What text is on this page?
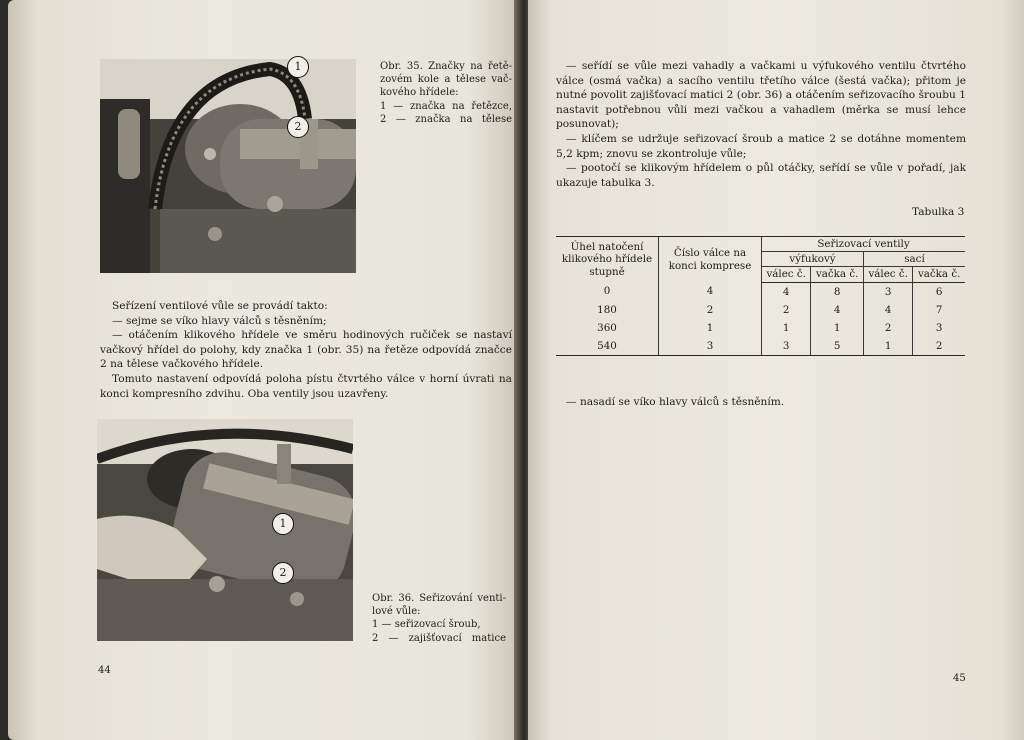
1
2
Obr. 35. Značky na řetě-
zovém kole a tělese vač-
kového hřídele:
1 — značka na řetězce,
2 — značka na tělese

Seřízení ventilové vůle se provádí takto:

— sejme se víko hlavy válců s těsněním;

— otáčením klikového hřídele ve směru hodinových ručiček se nastaví vačkový hřídel do polohy, kdy značka 1 (obr. 35) na řetěze odpovídá značce 2 na tělese vačkového hřídele.

Tomuto nastavení odpovídá poloha pístu čtvrtého válce v horní úvrati na konci kompresního zdvihu. Oba ventily jsou uzavřeny.

1
2
Obr. 36. Seřizování venti-
lové vůle:
1 — seřizovací šroub,
2 — zajišťovací matice
44

— seřídí se vůle mezi vahadly a vačkami u výfukového ventilu čtvrtého válce (osmá vačka) a sacího ventilu třetího válce (šestá vačka); přitom je nutné povolit zajišťovací matici 2 (obr. 36) a otáčením seřizovacího šroubu 1 nastavit potřebnou vůli mezi vačkou a vahadlem (měrka se musí lehce posunovat);

— klíčem se udržuje seřizovací šroub a matice 2 se dotáhne momentem 5,2 kpm; znovu se zkontroluje vůle;

— pootočí se klikovým hřídelem o půl otáčky, seřídí se vůle v pořadí, jak ukazuje tabulka 3.

Tabulka 3
Úhel natočení klikového hřídele stupně	Číslo válce na konci komprese	Seřizovací ventily			
		výfukový		sací	
		válec č.	vačka č.	válec č.	vačka č.
0	4	4	8	3	6
180	2	2	4	4	7
360	1	1	1	2	3
540	3	3	5	1	2

— nasadí se víko hlavy válců s těsněním.

45
